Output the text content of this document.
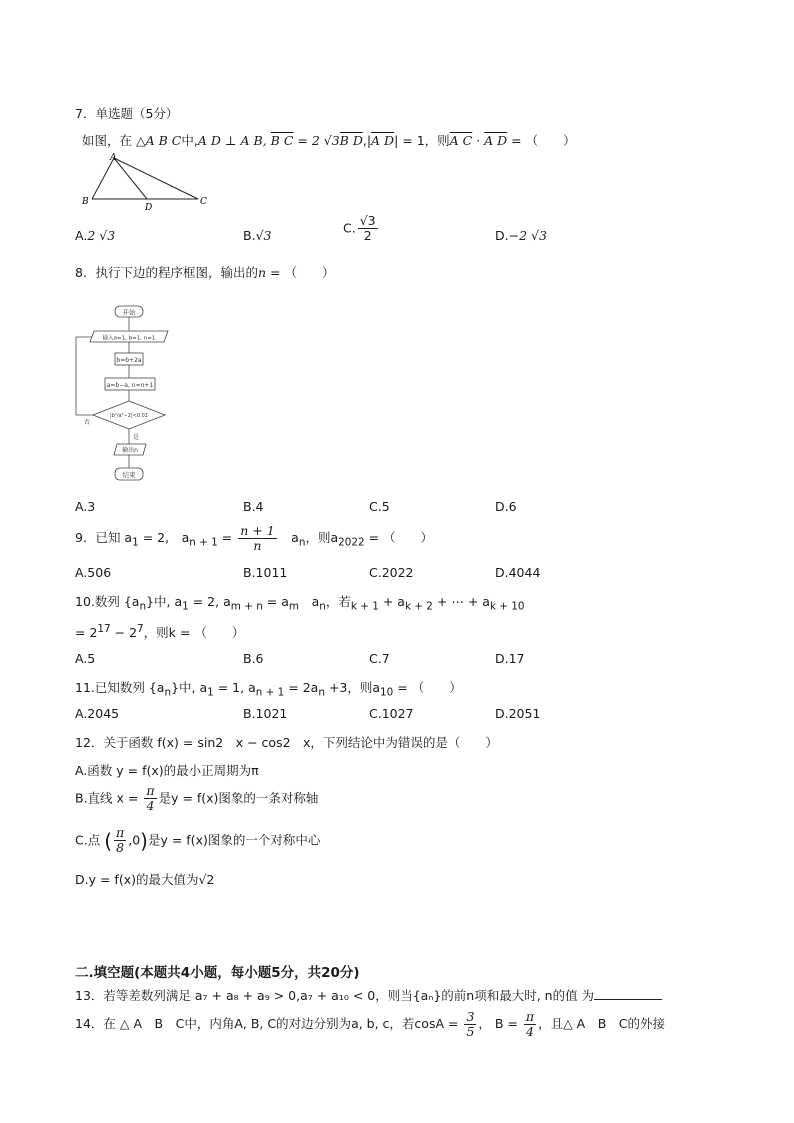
7．单选题（5分）
如图，在 △A B C中,A D ⊥ A B, B C = 2 √3B D,|A D| = 1，则A C · A D = （　　）
A
B
D
C
A.2 √3	B.√3
C. $\frac{√3}{2}$	D.−2 √3
8．执行下边的程序框图，输出的n = （　　）
开始
输入a=1, b=1, n=1
b=b+2a
a=b−a, n=n+1
|b²/a²−2|<0.01
否
是
输出n
结束
A.3	B.4	C.5	D.6
9．已知 $a_1 = 2$,　$a_{n + 1} = \frac{n + 1}{n}$ 　$a_n$，则$a_{2022}$ = （　　）
A.506	B.1011	C.2022	D.4044
10.数列 $\{a_n\}$中, $a_1 = 2$, $a_{m + n} = a_m$　$a_n$，若$_{k + 1} + a_{k + 2}$ + ⋯ + $a_{k + 10}$
= $2^{17} - 2^7$，则k = （　　）
A.5	B.6	C.7	D.17
11.已知数列 $\{a_n\}$中, $a_1 = 1$, $a_{n + 1} = 2a_n +3$，则$a_{10}$ = （　　）
A.2045	B.1021	C.1027	D.2051
12．关于函数 f(x) = sin2　x − cos2　x，下列结论中为错误的是（　　）
A.函数 y = f(x)的最小正周期为π
B.直线 $x = \frac{\pi}{4}$ 是y = f(x)图象的一条对称轴
C.点 ( $\frac{\pi}{8} ,0$)是y = f(x)图象的一个对称中心
D.y = f(x)的最大值为√2
二.填空题(本题共4小题，每小题5分，共20分)
13．若等差数列满足 a₇ + a₈ + a₉ > 0,a₇ + a₁₀ < 0，则当{aₙ}的前n项和最大时, n的值 为
14．在 △ A　B　C中，内角A, B, C的对边分别为a, b, c，若$\cos A = \frac{3}{5}$ ， $B = \frac{\pi}{4}$ ，且△ A　B　C的外接
